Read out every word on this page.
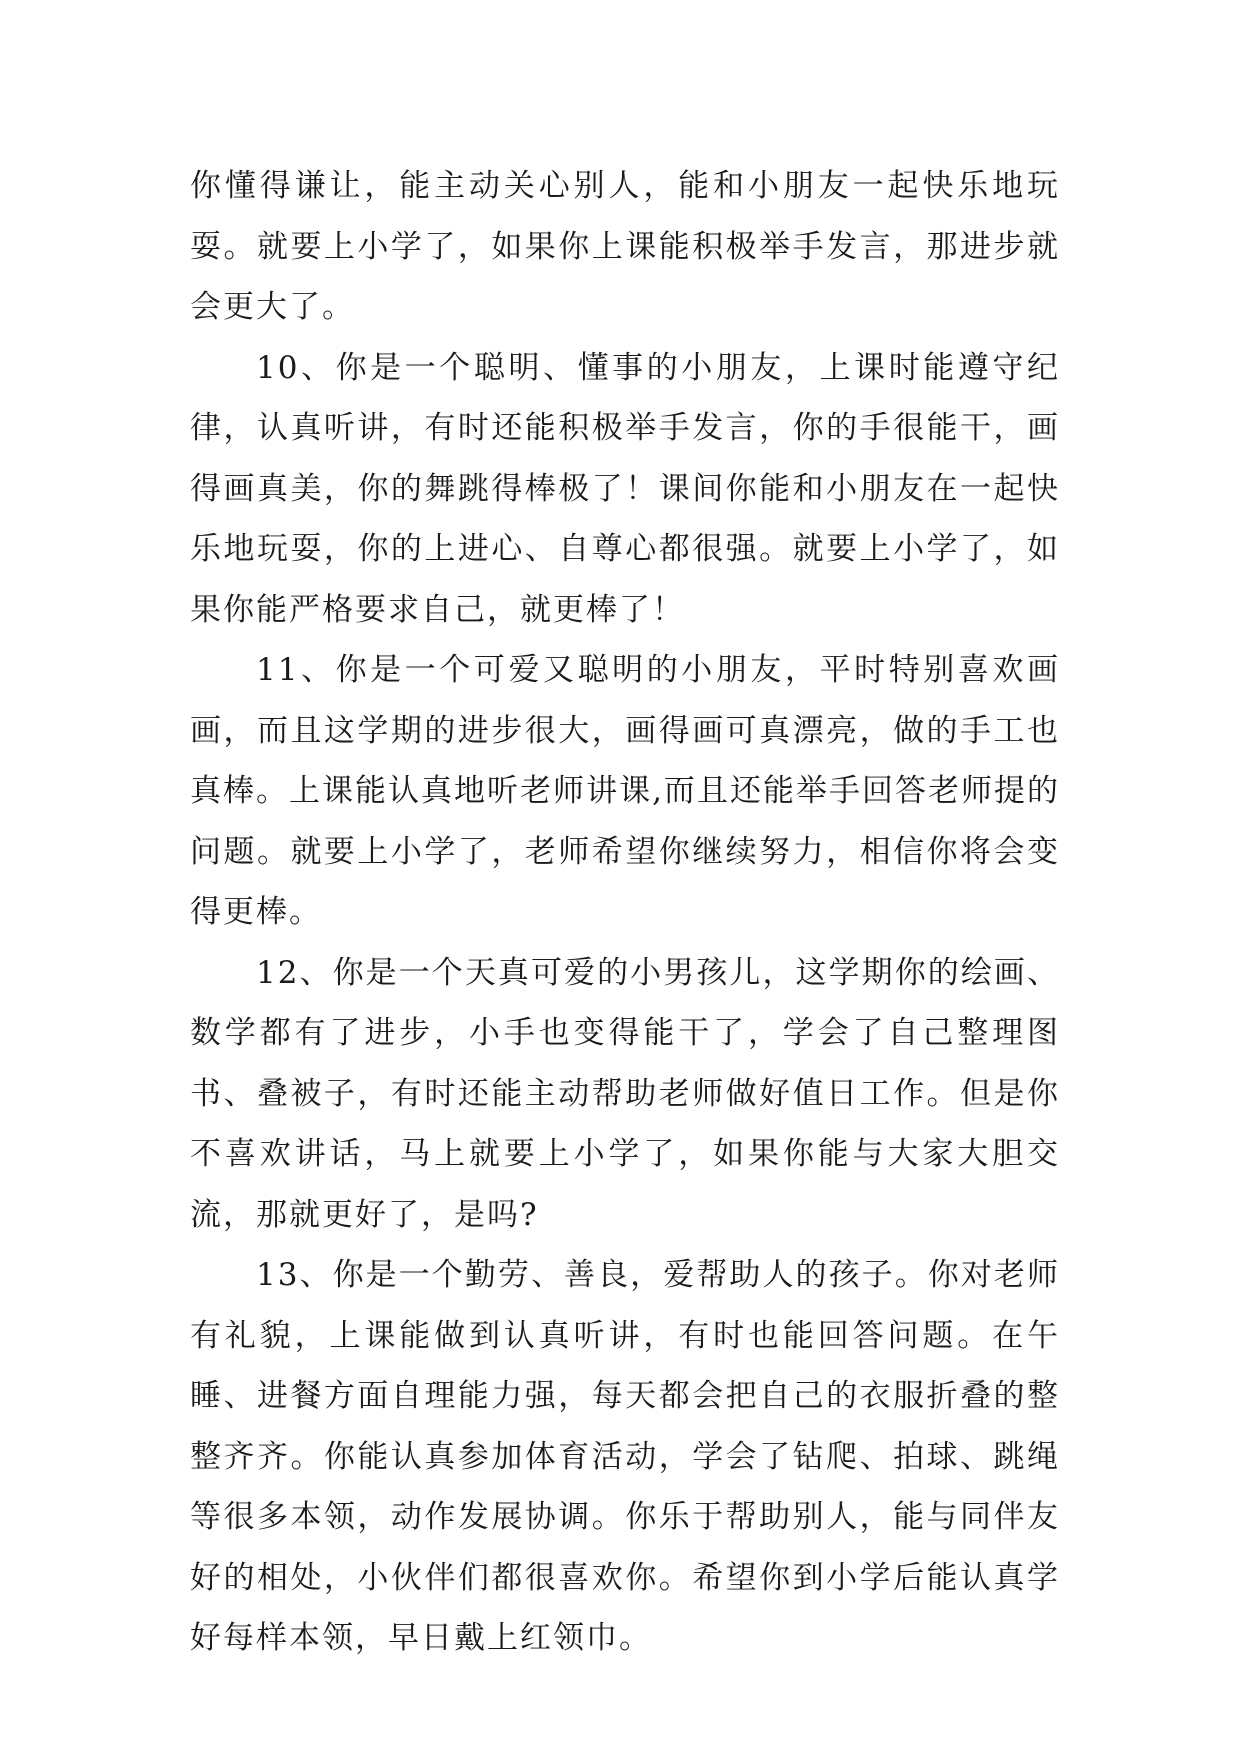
你懂得谦让，能主动关心别人，能和小朋友一起快乐地玩耍。就要上小学了，如果你上课能积极举手发言，那进步就会更大了。

10、你是一个聪明、懂事的小朋友，上课时能遵守纪律，认真听讲，有时还能积极举手发言，你的手很能干，画得画真美，你的舞跳得棒极了！课间你能和小朋友在一起快乐地玩耍，你的上进心、自尊心都很强。就要上小学了，如果你能严格要求自己，就更棒了！

11、你是一个可爱又聪明的小朋友，平时特别喜欢画画，而且这学期的进步很大，画得画可真漂亮，做的手工也真棒。上课能认真地听老师讲课,而且还能举手回答老师提的问题。就要上小学了，老师希望你继续努力，相信你将会变得更棒。

12、你是一个天真可爱的小男孩儿，这学期你的绘画、数学都有了进步，小手也变得能干了，学会了自己整理图书、叠被子，有时还能主动帮助老师做好值日工作。但是你不喜欢讲话，马上就要上小学了，如果你能与大家大胆交流，那就更好了，是吗?

13、你是一个勤劳、善良，爱帮助人的孩子。你对老师有礼貌，上课能做到认真听讲，有时也能回答问题。在午睡、进餐方面自理能力强，每天都会把自己的衣服折叠的整整齐齐。你能认真参加体育活动，学会了钻爬、拍球、跳绳等很多本领，动作发展协调。你乐于帮助别人，能与同伴友好的相处，小伙伴们都很喜欢你。希望你到小学后能认真学好每样本领，早日戴上红领巾。
